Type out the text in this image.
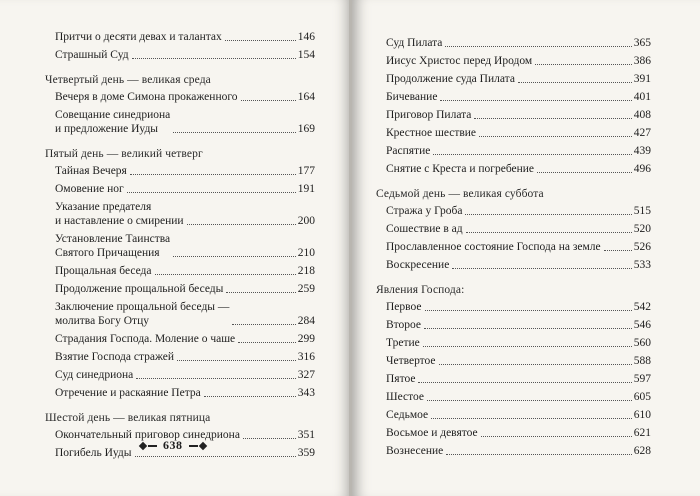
Притчи о десяти девах и талантах	146
Страшный Суд	154
Четвертый день — великая среда
Вечеря в доме Симона прокаженного	164
Совещание синедриона
и предложение Иуды	169
Пятый день — великий четверг
Тайная Вечеря	177
Омовение ног	191
Указание предателя
и наставление о смирении	200
Установление Таинства
Святого Причащения	210
Прощальная беседа	218
Продолжение прощальной беседы	259
Заключение прощальной беседы —
молитва Богу Отцу	284
Страдания Господа. Моление о чаше	299
Взятие Господа стражей	316
Суд синедриона	327
Отречение и раскаяние Петра	343
Шестой день — великая пятница
Окончательный приговор синедриона	351
Погибель Иуды	359
638
Суд Пилата	365
Иисус Христос перед Иродом	386
Продолжение суда Пилата	391
Бичевание	401
Приговор Пилата	408
Крестное шествие	427
Распятие	439
Снятие с Креста и погребение	496
Седьмой день — великая суббота
Стража у Гроба	515
Сошествие в ад	520
Прославленное состояние Господа на земле	526
Воскресение	533
Явления Господа:
Первое	542
Второе	546
Третие	560
Четвертое	588
Пятое	597
Шестое	605
Седьмое	610
Восьмое и девятое	621
Вознесение	628
